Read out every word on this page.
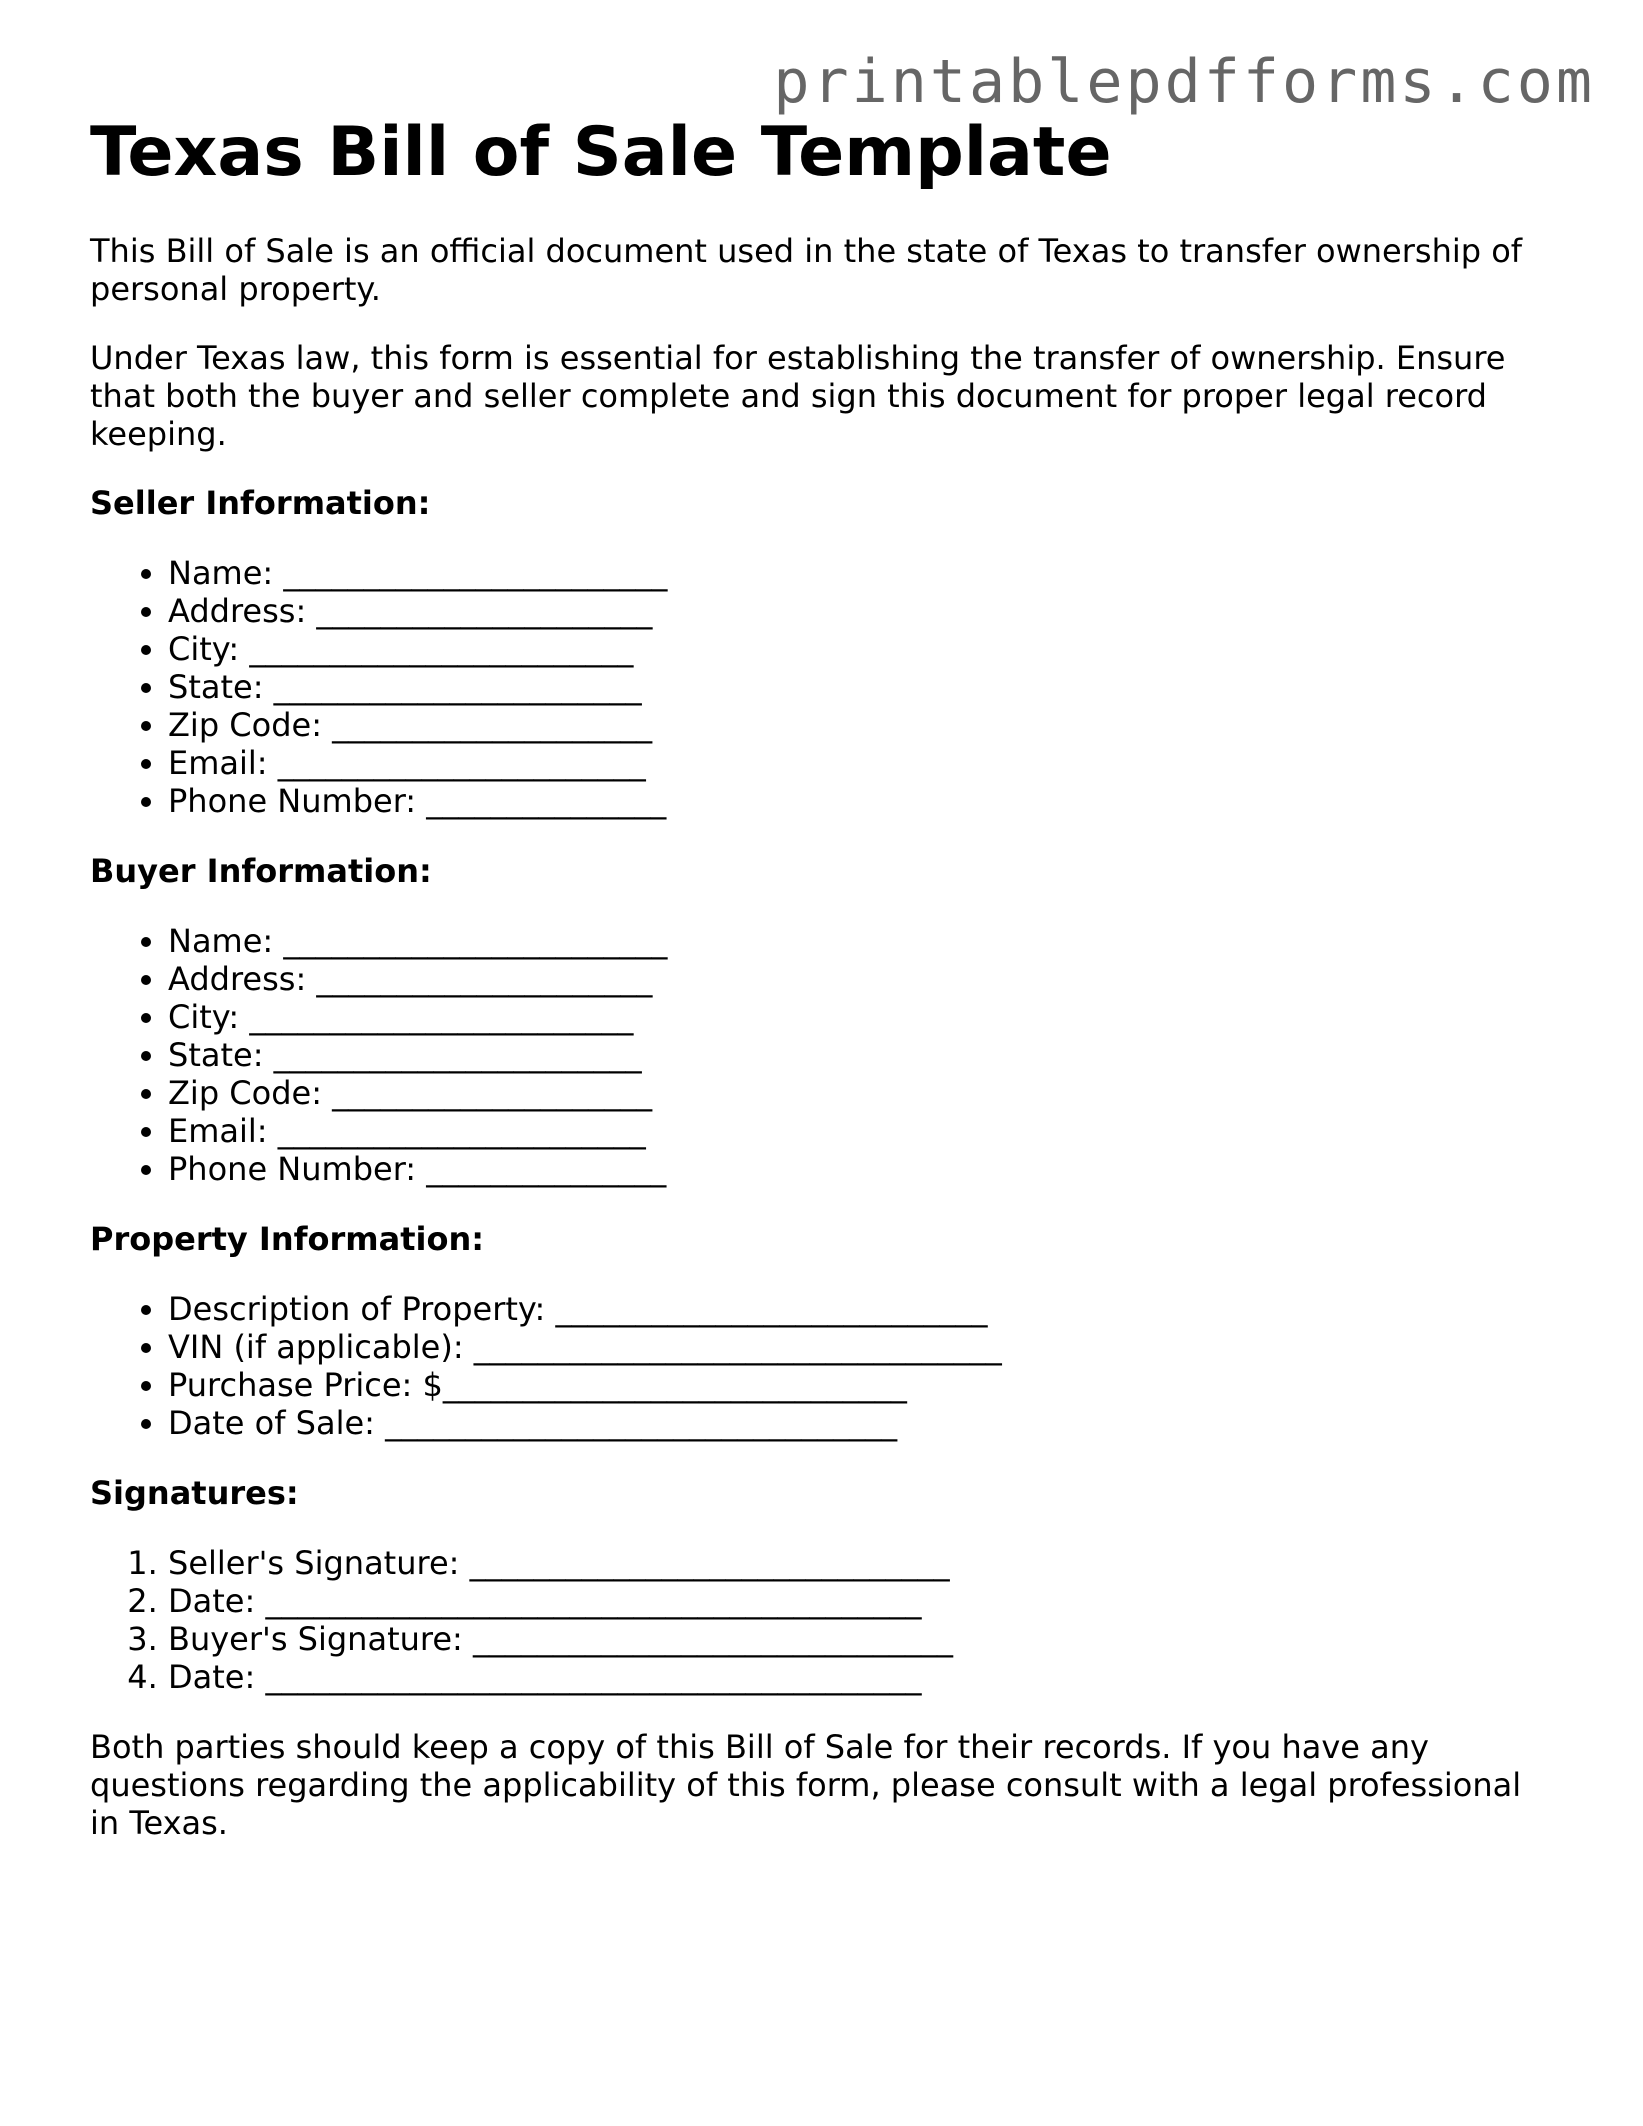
printablepdfforms.com
Texas Bill of Sale Template

This Bill of Sale is an official document used in the state of Texas to transfer ownership of personal property.

Under Texas law, this form is essential for establishing the transfer of ownership. Ensure that both the buyer and seller complete and sign this document for proper legal record keeping.

Seller Information:
• Name: ________________________
• Address: _____________________
• City: ________________________
• State: _______________________
• Zip Code: ____________________
• Email: _______________________
• Phone Number: _______________
Buyer Information:
• Name: ________________________
• Address: _____________________
• City: ________________________
• State: _______________________
• Zip Code: ____________________
• Email: _______________________
• Phone Number: _______________
Property Information:
• Description of Property: ___________________________
• VIN (if applicable): _________________________________
• Purchase Price: $_____________________________
• Date of Sale: ________________________________
Signatures:
1. Seller's Signature: ______________________________
2. Date: _________________________________________
3. Buyer's Signature: ______________________________
4. Date: _________________________________________

Both parties should keep a copy of this Bill of Sale for their records. If you have any questions regarding the applicability of this form, please consult with a legal professional in Texas.
